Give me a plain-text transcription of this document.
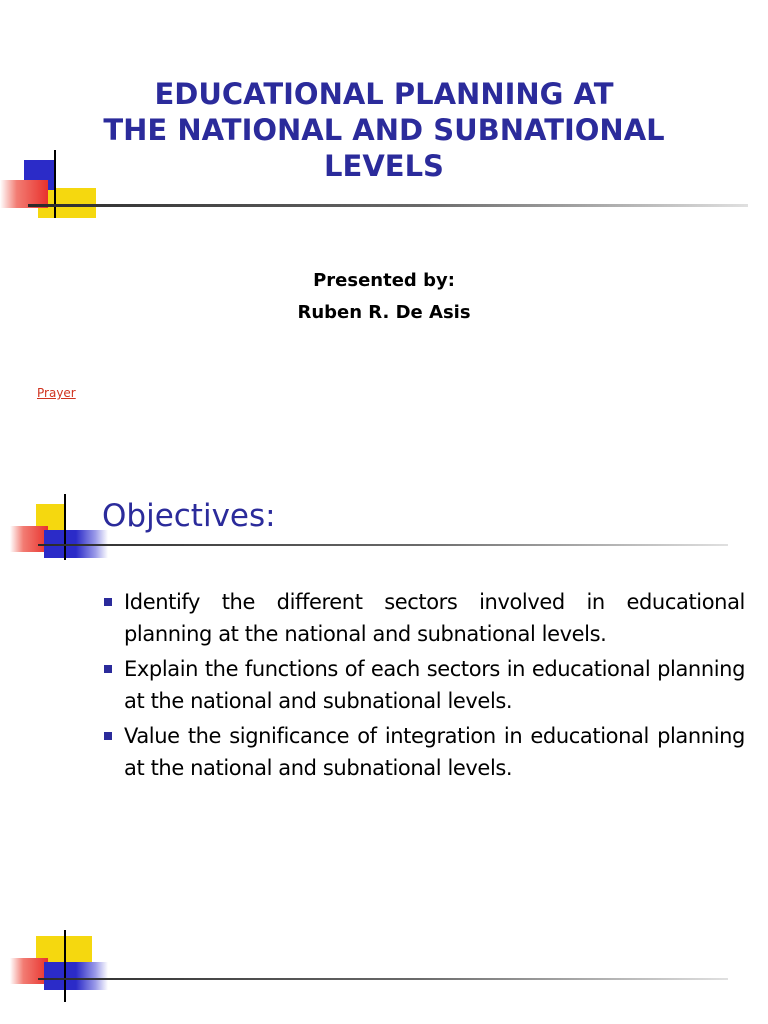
EDUCATIONAL PLANNING AT
THE NATIONAL AND SUBNATIONAL
LEVELS
Presented by:
Ruben R. De Asis
Prayer
Objectives:
Identify the different sectors involved in educational planning at the national and subnational levels.
Explain the functions of each sectors in educational planning at the national and subnational levels.
Value the significance of integration in educational planning at the national and subnational levels.
